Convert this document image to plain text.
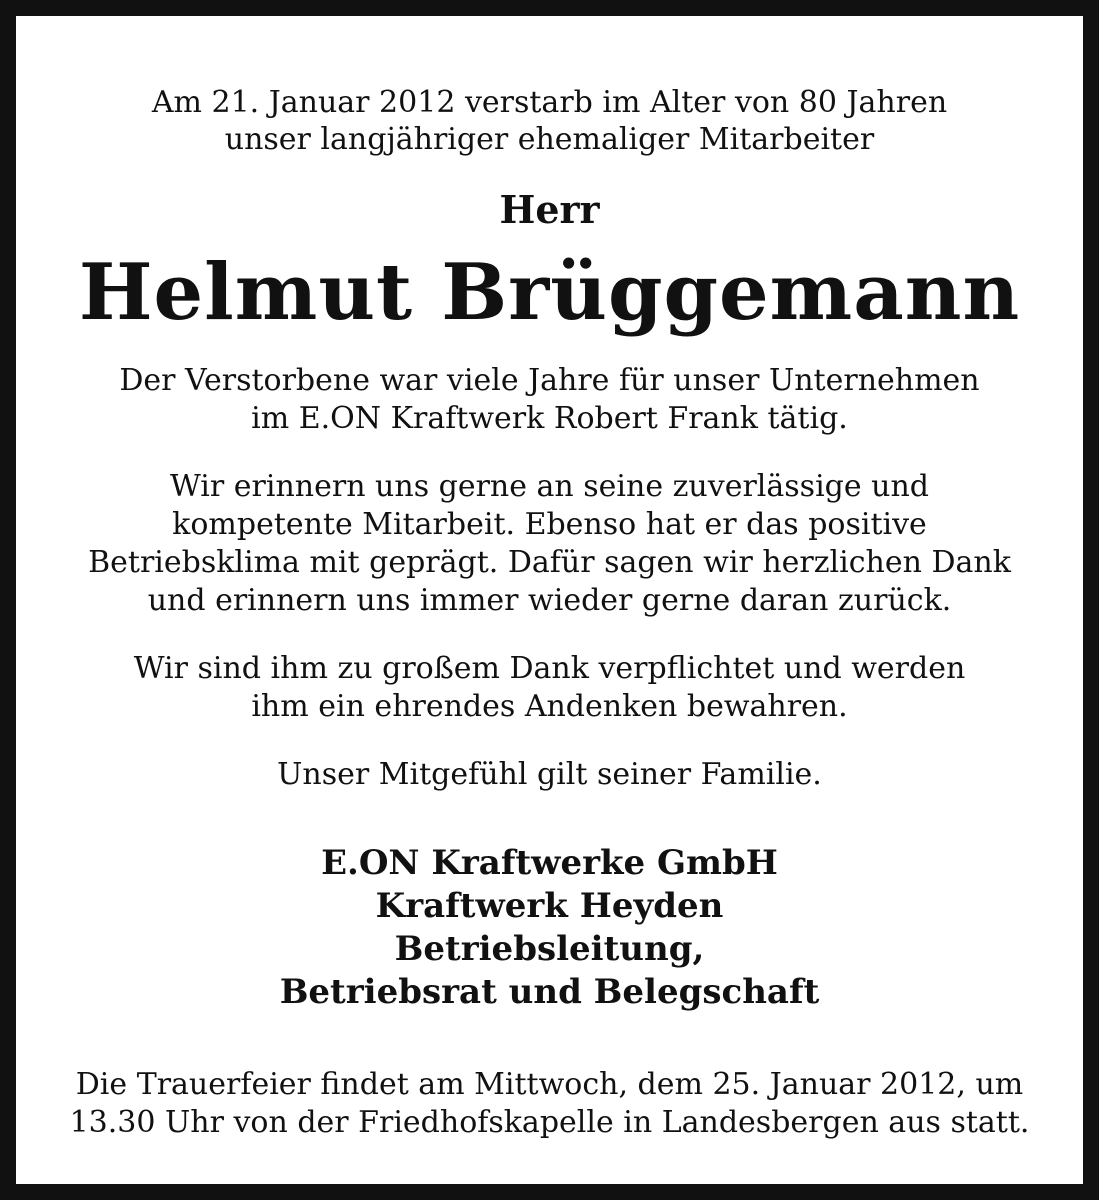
Am 21. Januar 2012 verstarb im Alter von 80 Jahren
unser langjähriger ehemaliger Mitarbeiter
Herr
Helmut Brüggemann
Der Verstorbene war viele Jahre für unser Unternehmen
im E.ON Kraftwerk Robert Frank tätig.
Wir erinnern uns gerne an seine zuverlässige und
kompetente Mitarbeit. Ebenso hat er das positive
Betriebsklima mit geprägt. Dafür sagen wir herzlichen Dank
und erinnern uns immer wieder gerne daran zurück.
Wir sind ihm zu großem Dank verpflichtet und werden
ihm ein ehrendes Andenken bewahren.
Unser Mitgefühl gilt seiner Familie.
E.ON Kraftwerke GmbH
Kraftwerk Heyden
Betriebsleitung,
Betriebsrat und Belegschaft
Die Trauerfeier findet am Mittwoch, dem 25. Januar 2012, um
13.30 Uhr von der Friedhofskapelle in Landesbergen aus statt.
